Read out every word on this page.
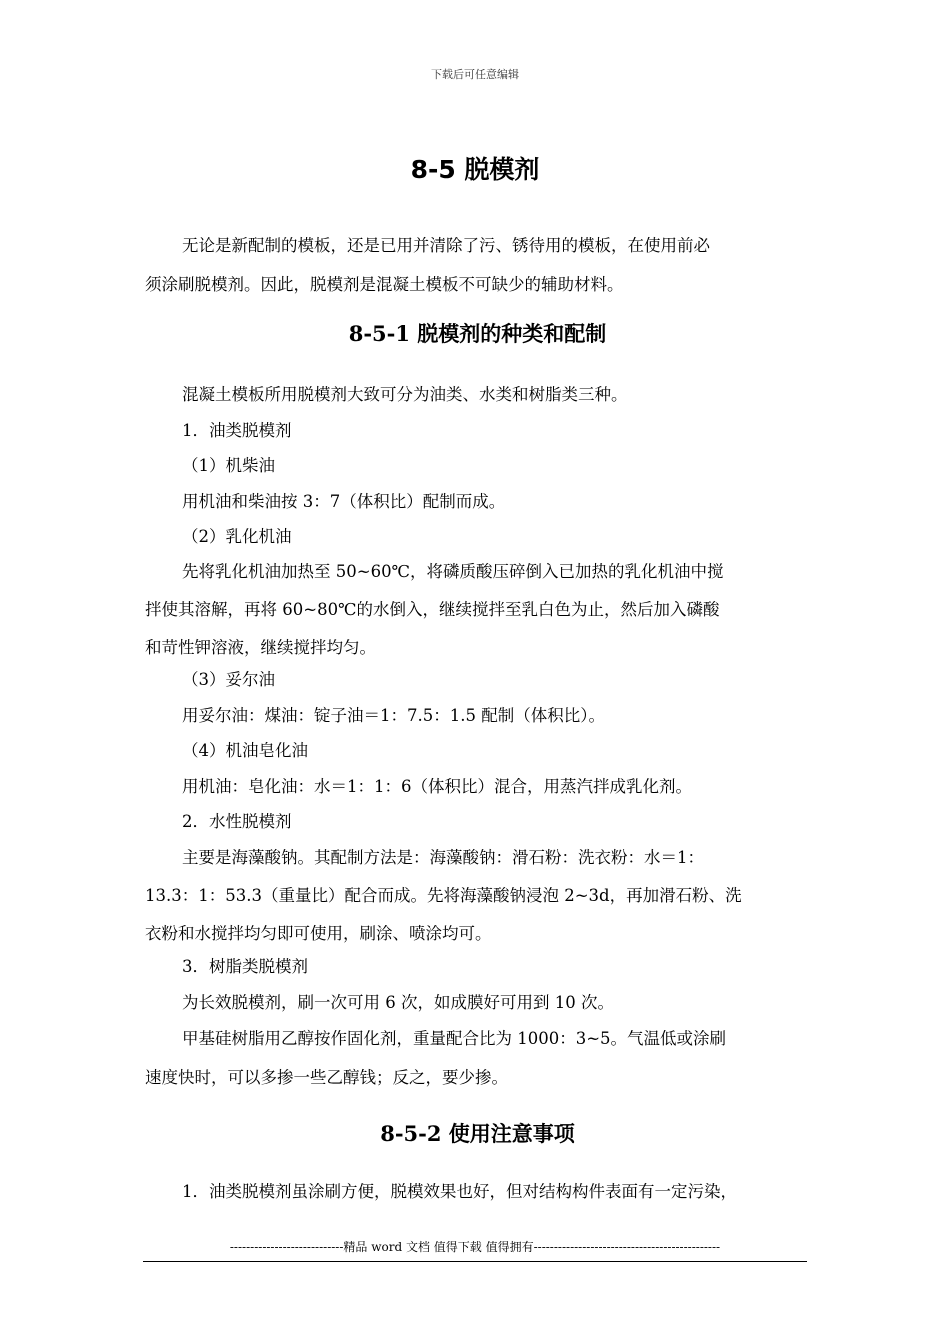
下载后可任意编辑
8-5 脱模剂

无论是新配制的模板，还是已用并清除了污、锈待用的模板，在使用前必

须涂刷脱模剂。因此，脱模剂是混凝土模板不可缺少的辅助材料。

8-5-1 脱模剂的种类和配制

混凝土模板所用脱模剂大致可分为油类、水类和树脂类三种。

1．油类脱模剂

（1）机柴油

用机油和柴油按 3：7（体积比）配制而成。

（2）乳化机油

先将乳化机油加热至 50~60℃，将磷质酸压碎倒入已加热的乳化机油中搅

拌使其溶解，再将 60~80℃的水倒入，继续搅拌至乳白色为止，然后加入磷酸

和苛性钾溶液，继续搅拌均匀。

（3）妥尔油

用妥尔油：煤油：锭子油＝1：7.5：1.5 配制（体积比）。

（4）机油皂化油

用机油：皂化油：水＝1：1：6（体积比）混合，用蒸汽拌成乳化剂。

2．水性脱模剂

主要是海藻酸钠。其配制方法是：海藻酸钠：滑石粉：洗衣粉：水＝1：

13.3：1：53.3（重量比）配合而成。先将海藻酸钠浸泡 2~3d，再加滑石粉、洗

衣粉和水搅拌均匀即可使用，刷涂、喷涂均可。

3．树脂类脱模剂

为长效脱模剂，刷一次可用 6 次，如成膜好可用到 10 次。

甲基硅树脂用乙醇按作固化剂，重量配合比为 1000：3~5。气温低或涂刷

速度快时，可以多掺一些乙醇钱；反之，要少掺。

8-5-2 使用注意事项

1．油类脱模剂虽涂刷方便，脱模效果也好，但对结构构件表面有一定污染，

----------------------------精品 word 文档 值得下载 值得拥有----------------------------------------------
